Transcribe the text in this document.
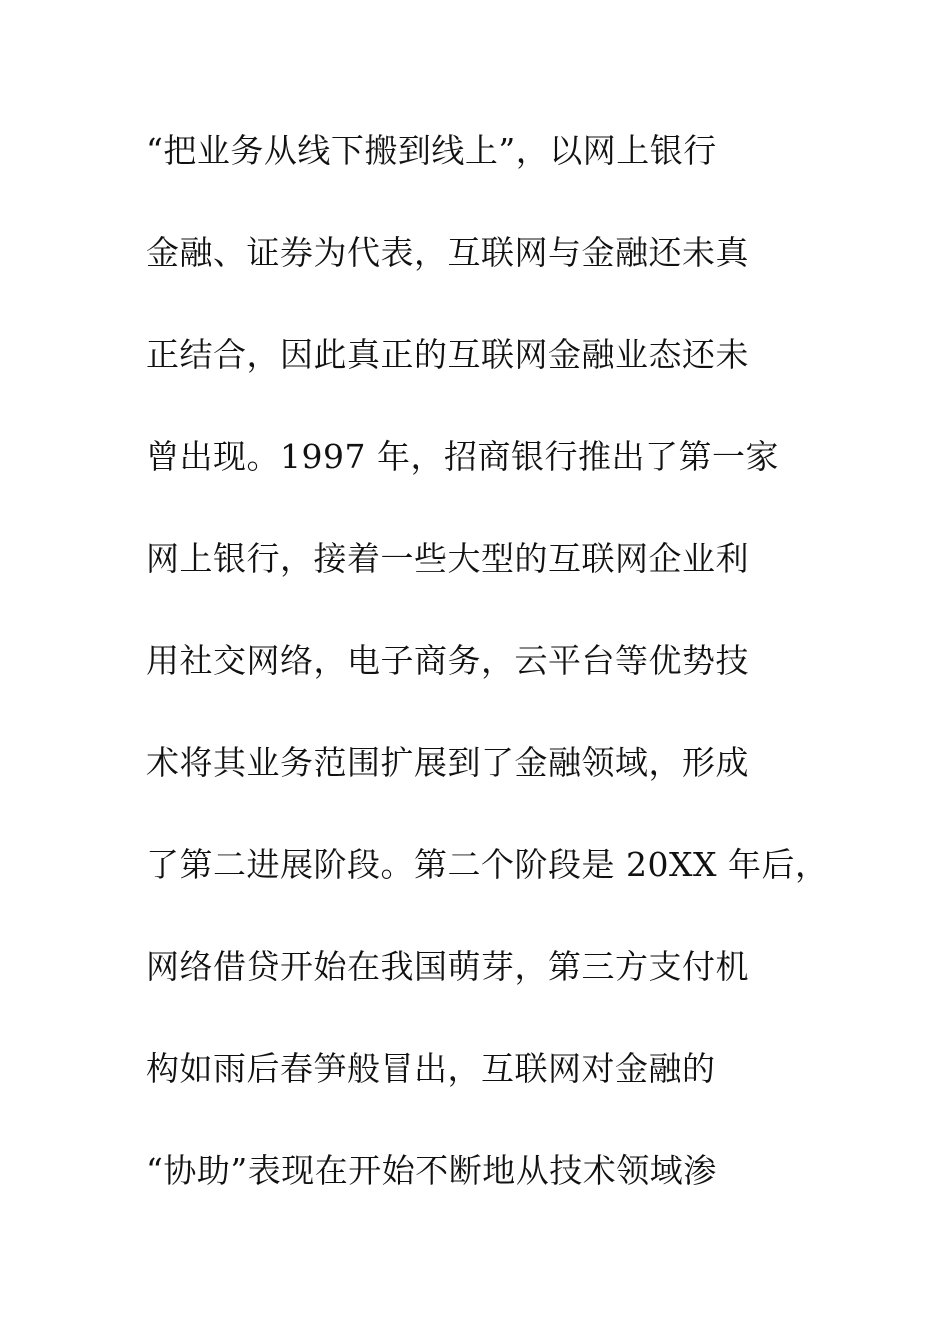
“把业务从线下搬到线上”，以网上银行
金融、证券为代表，互联网与金融还未真
正结合，因此真正的互联网金融业态还未
曾出现。1997 年，招商银行推出了第一家
网上银行，接着一些大型的互联网企业利
用社交网络，电子商务，云平台等优势技
术将其业务范围扩展到了金融领域，形成
了第二进展阶段。第二个阶段是 20XX 年后，
网络借贷开始在我国萌芽，第三方支付机
构如雨后春笋般冒出，互联网对金融的
“协助”表现在开始不断地从技术领域渗
